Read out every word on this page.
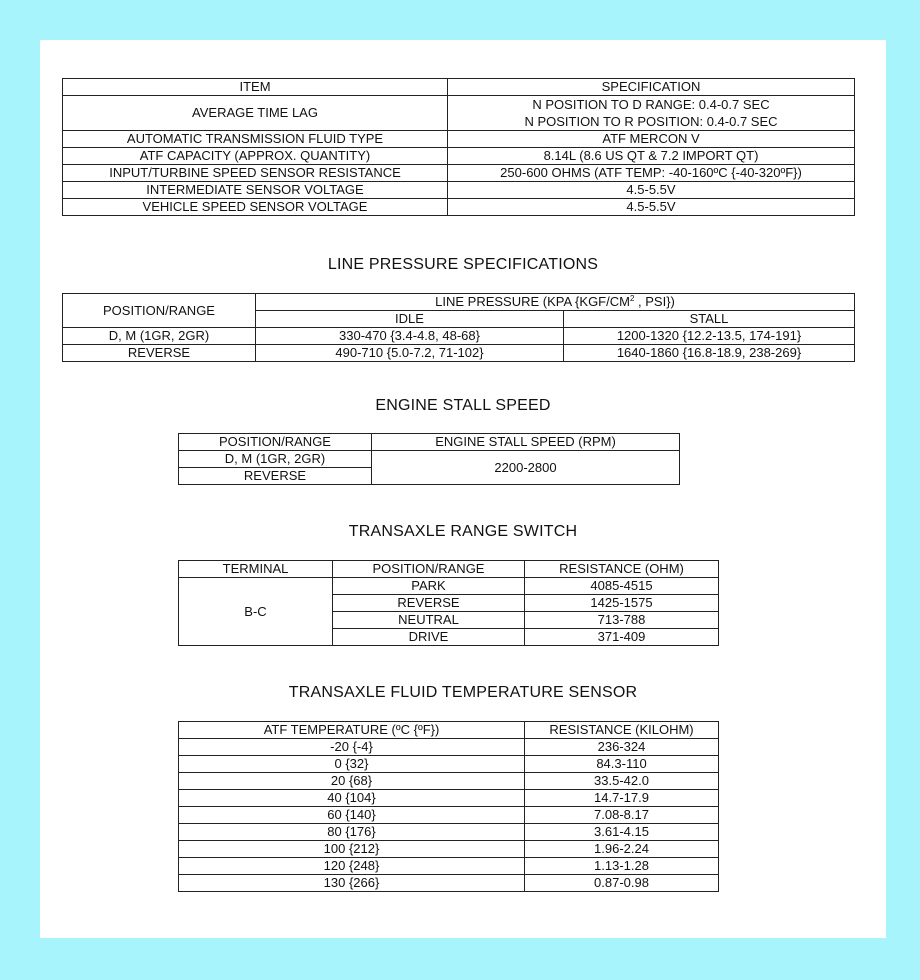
ITEM	SPECIFICATION
AVERAGE TIME LAG	N POSITION TO D RANGE: 0.4-0.7 SEC
N POSITION TO R POSITION: 0.4-0.7 SEC

AUTOMATIC TRANSMISSION FLUID TYPE	ATF MERCON V
ATF CAPACITY (APPROX. QUANTITY)	8.14L (8.6 US QT & 7.2 IMPORT QT)
INPUT/TURBINE SPEED SENSOR RESISTANCE	250-600 OHMS (ATF TEMP: -40-160ºC {-40-320ºF})
INTERMEDIATE SENSOR VOLTAGE	4.5-5.5V
VEHICLE SPEED SENSOR VOLTAGE	4.5-5.5V
LINE PRESSURE SPECIFICATIONS
POSITION/RANGE	LINE PRESSURE (KPA {$KGF/CM^2$ , PSI})	
	IDLE	STALL
D, M (1GR, 2GR)	330-470 {3.4-4.8, 48-68}	1200-1320 {12.2-13.5, 174-191}
REVERSE	490-710 {5.0-7.2, 71-102}	1640-1860 {16.8-18.9, 238-269}
ENGINE STALL SPEED
POSITION/RANGE	ENGINE STALL SPEED (RPM)
D, M (1GR, 2GR)	2200-2800
REVERSE	
TRANSAXLE RANGE SWITCH
TERMINAL	POSITION/RANGE	RESISTANCE (OHM)
B-C	PARK	4085-4515
	REVERSE	1425-1575
	NEUTRAL	713-788
	DRIVE	371-409
TRANSAXLE FLUID TEMPERATURE SENSOR
ATF TEMPERATURE (ºC {ºF})	RESISTANCE (KILOHM)
-20 {-4}	236-324
0 {32}	84.3-110
20 {68}	33.5-42.0
40 {104}	14.7-17.9
60 {140}	7.08-8.17
80 {176}	3.61-4.15
100 {212}	1.96-2.24
120 {248}	1.13-1.28
130 {266}	0.87-0.98
